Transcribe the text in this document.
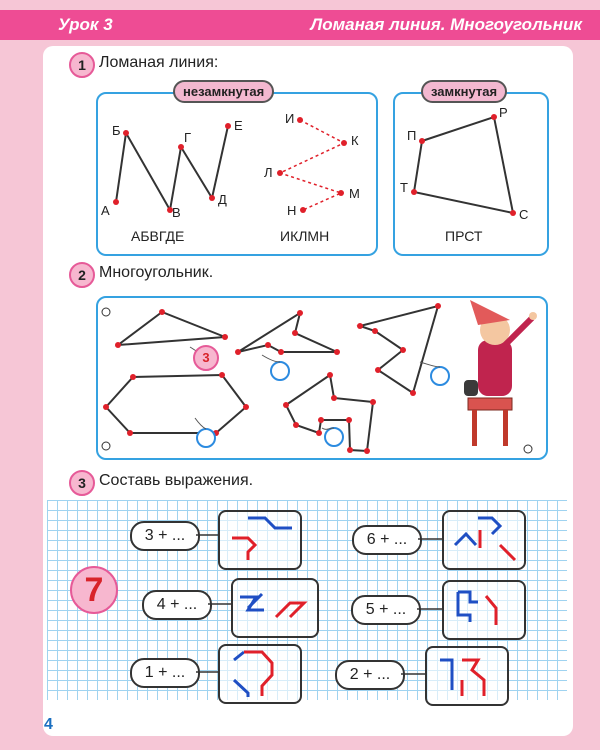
Урок 3	Ломаная линия. Многоугольник
1 Ломаная линия:
незамкнутая	замкнутая
А
Б
В
Г
Д
Е
АБВГДЕ
И
К
Л
М
Н
ИКЛМН
П
Р
С
Т
ПРСТ
2 Многоугольник.
3
3 Составь выражения.
7
3 + ...	6 + ...
4 + ...	5 + ...
1 + ...	2 + ...
4
